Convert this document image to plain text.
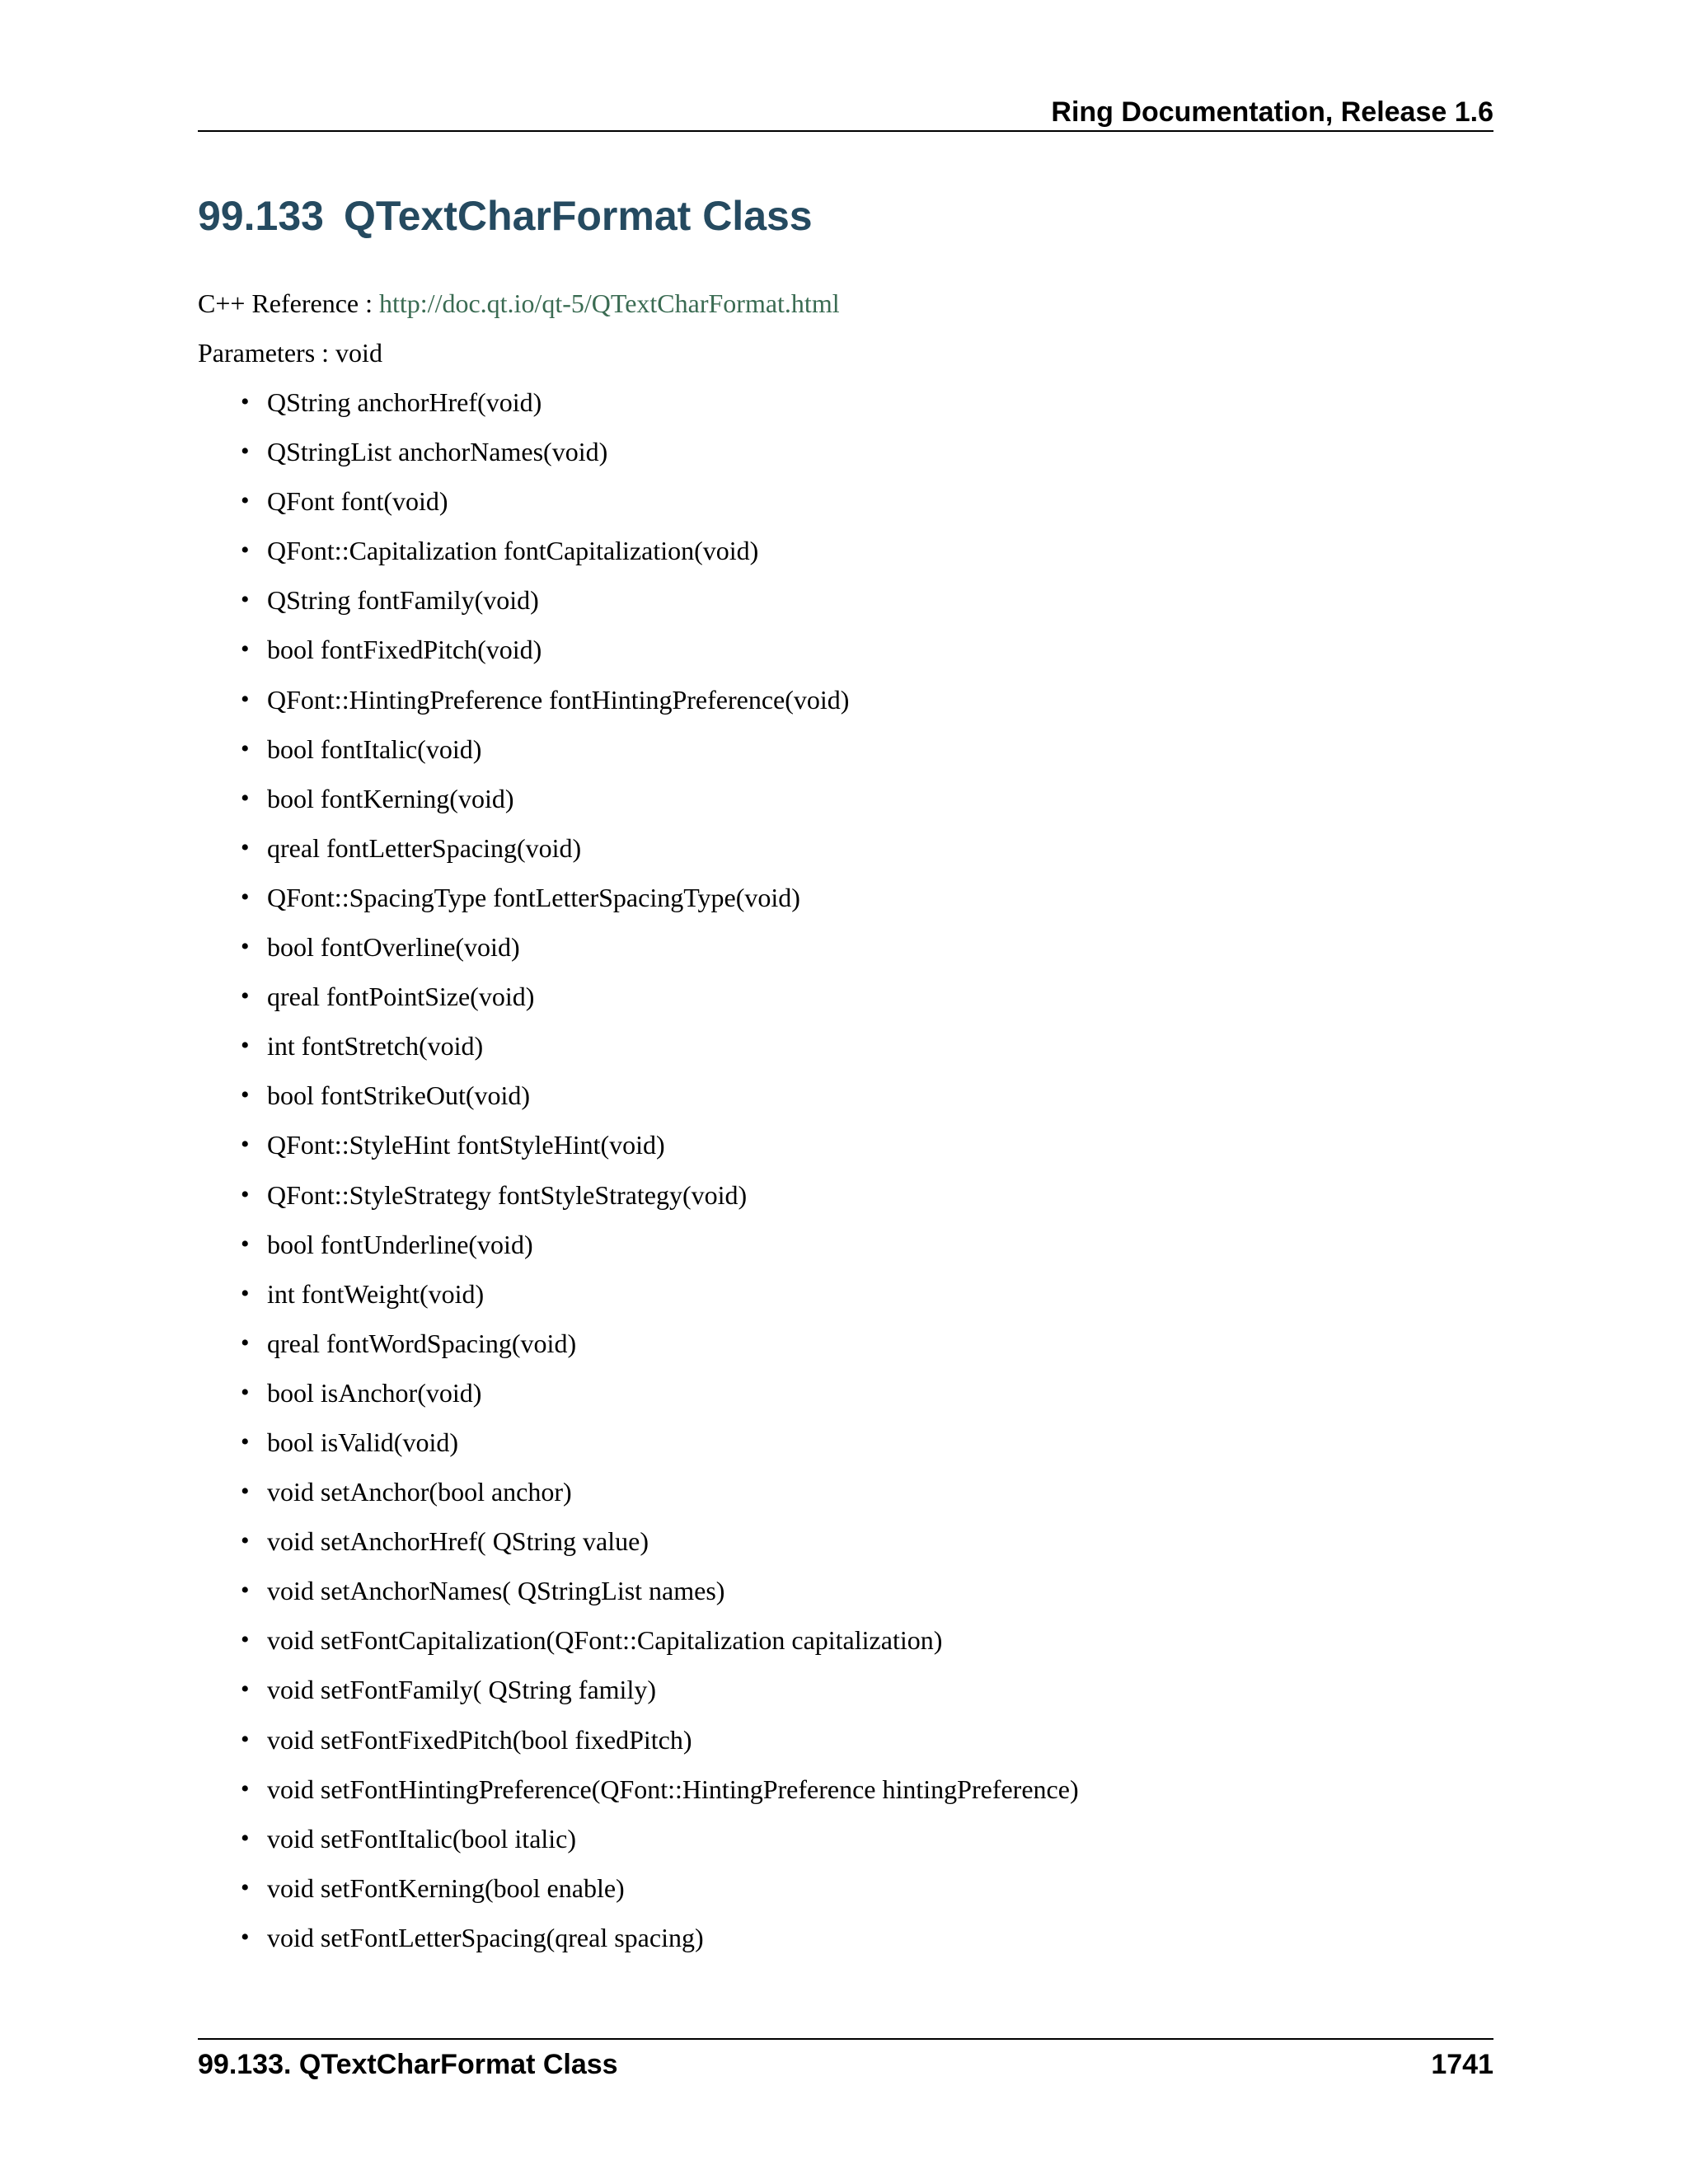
Ring Documentation, Release 1.6
99.133 QTextCharFormat Class

C++ Reference : http://doc.qt.io/qt-5/QTextCharFormat.html

Parameters : void

• QString anchorHref(void)
• QStringList anchorNames(void)
• QFont font(void)
• QFont::Capitalization fontCapitalization(void)
• QString fontFamily(void)
• bool fontFixedPitch(void)
• QFont::HintingPreference fontHintingPreference(void)
• bool fontItalic(void)
• bool fontKerning(void)
• qreal fontLetterSpacing(void)
• QFont::SpacingType fontLetterSpacingType(void)
• bool fontOverline(void)
• qreal fontPointSize(void)
• int fontStretch(void)
• bool fontStrikeOut(void)
• QFont::StyleHint fontStyleHint(void)
• QFont::StyleStrategy fontStyleStrategy(void)
• bool fontUnderline(void)
• int fontWeight(void)
• qreal fontWordSpacing(void)
• bool isAnchor(void)
• bool isValid(void)
• void setAnchor(bool anchor)
• void setAnchorHref( QString value)
• void setAnchorNames( QStringList names)
• void setFontCapitalization(QFont::Capitalization capitalization)
• void setFontFamily( QString family)
• void setFontFixedPitch(bool fixedPitch)
• void setFontHintingPreference(QFont::HintingPreference hintingPreference)
• void setFontItalic(bool italic)
• void setFontKerning(bool enable)
• void setFontLetterSpacing(qreal spacing)
99.133. QTextCharFormat Class	1741
